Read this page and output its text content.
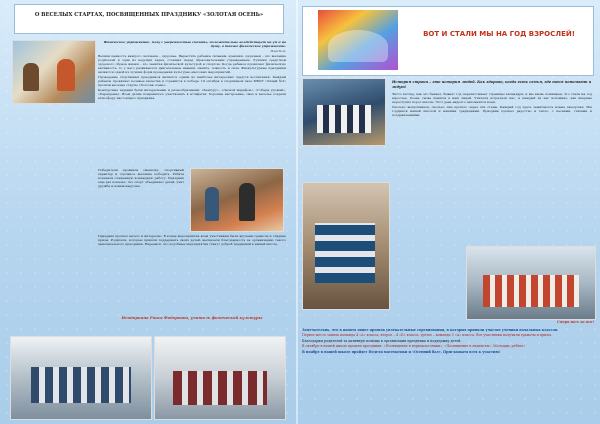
О ВЕСЕЛЫХ СТАРТАХ, ПОСВЯЩЕННЫХ ПРАЗДНИКУ «ЗОЛОТАЯ ОСЕНЬ»

Физическое упражнение, могу с уверенностью сказать, положительно воздействует на ум и на душу, а также физическое упражнение.

Пласт А.

Велики ценность каждого человека – здоровье. Вырастить ребенка сильным, крепким, здоровым – это желание родителей и одна из ведущих задач, стоящих перед образовательным учреждением. Лучшим средством здорового образа жизни – это занятия физической культурой и спортом. Когда ребенок проявляет физическую активность, то у него развиваются двигательные навыки, память, ловкость и сила. Физкультурные праздники являются одной из лучших форм проведения культурно-массовых мероприятий.

Проведение спортивных праздников является одним из наиболее интересных средств воспитания. Каждый ребенок проявляет волевые качества и стремится к победе. 19 октября в спортивном зале МБОУ «Лицей №3» прошли веселые старты «Золотая осень».

Конкурсные задания были интересными и разнообразными: «Кенгуру», «Лесной марафон», «Собери урожай», «Переправа». Всем детям понравилось участвовать в эстафетах. Хорошее настроение, смех и веселье создали атмосферу настоящего праздника.

Победители проявили смекалку, спортивный характер и огромное желание победить. Ребята показали слаженную командную работу. Праздник еще раз показал, что спорт объединяет детей, учит дружбе и взаимовыручке.
Праздник прошел весело и интересно. В конце мероприятия всем участникам были вручены грамоты и сладкие призы. Родители, которые пришли поддержать своих детей, высказали благодарность за организацию такого замечательного праздника. Надеемся, что подобные мероприятия станут доброй традицией в нашей школе.
Исидоркина Раиса Федоровна, учитель физической культуры
ВОТ И СТАЛИ МЫ НА ГОД ВЗРОСЛЕЙ!
История строки – это история людей. Как здорово, когда есть семья, где тебя понимают и ждут!

Чисто взгляд, как это бывает, бывает год перелистывает страницы календаря, и мы вновь понимаем, что стали на год взрослее. Осень снова пришла в наш лицей. Учителя встречали нас, и каждый из нас вспомнил, как впервые переступил порог школы. Этот день надолго запомнится всем.

Сколько выпускников, сколько лиц прошло через эти стены. Каждый год здесь зажигаются новые звездочки. Мы гордимся нашей школой и нашими традициями. Праздник прошел радостно и тепло, с песнями, стихами и поздравлениями.

Собрались за все!

Замечательно, что в нашем лицее прошли увлекательные соревнования, в которых приняли участие ученики начальных классов.

Первое место заняла команда 4 «А» класса, второе – 4 «Б» класса, третье – команда 3 «А» класса. Все участники получили грамоты и призы.

Благодарим родителей за активную помощь в организации праздника и поддержку детей.

В октябре в нашей школе прошли праздники: «Посвящение в первоклассники», «Посвящение в лицеисты». Молодцы, ребята!

В ноябре в нашей школе пройдет Неделя математики и «Осенний бал». Приглашаем всех к участию!
